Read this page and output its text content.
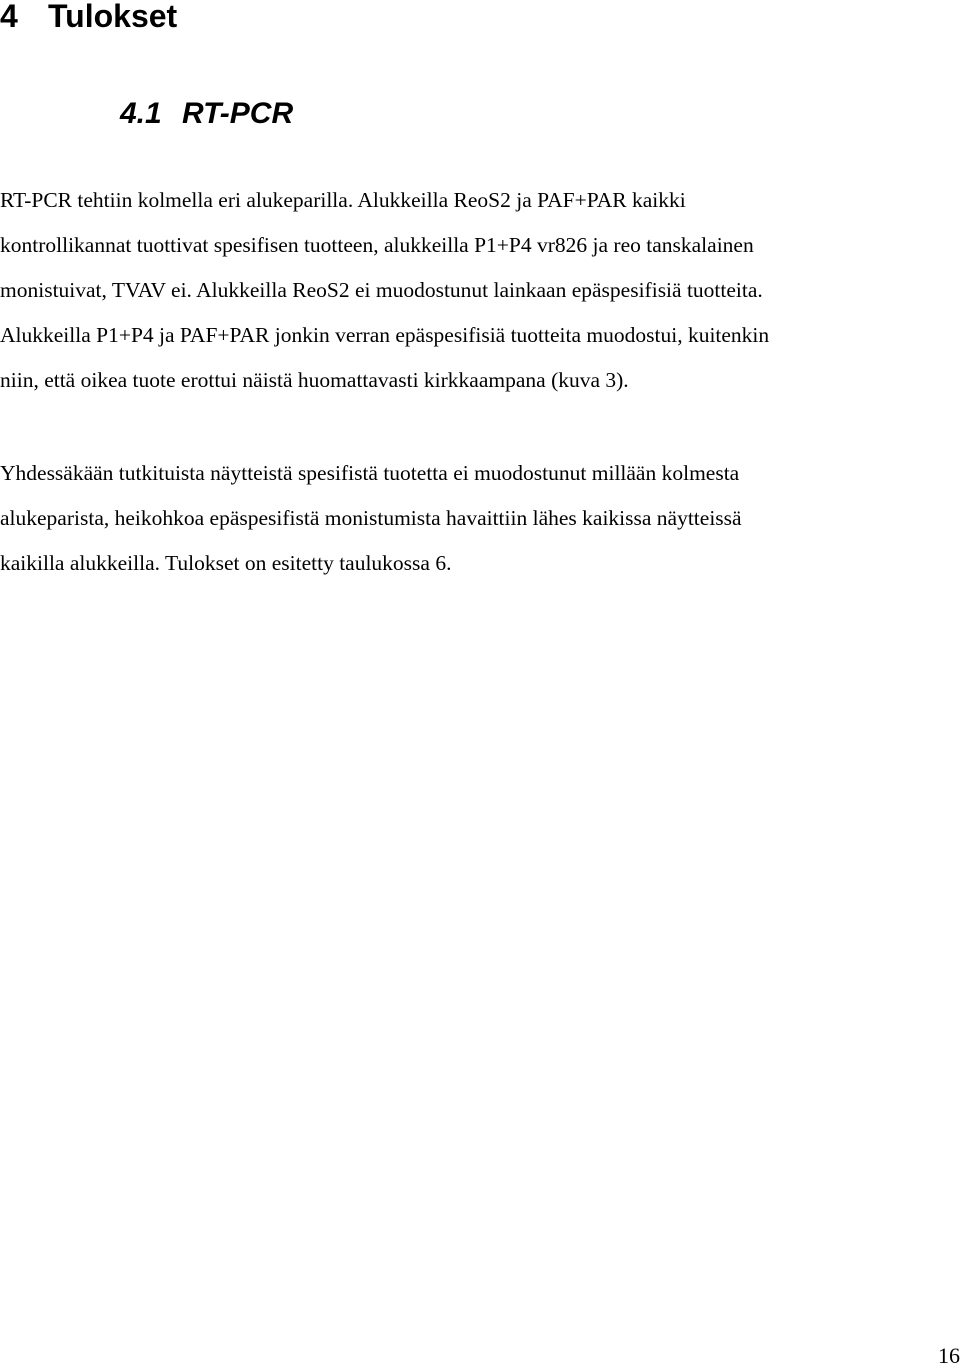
4 Tulokset
4.1 RT-PCR

RT-PCR tehtiin kolmella eri alukeparilla. Alukkeilla ReoS2 ja PAF+PAR kaikki
kontrollikannat tuottivat spesifisen tuotteen, alukkeilla P1+P4 vr826 ja reo tanskalainen
monistuivat, TVAV ei. Alukkeilla ReoS2 ei muodostunut lainkaan epäspesifisiä tuotteita.
Alukkeilla P1+P4 ja PAF+PAR jonkin verran epäspesifisiä tuotteita muodostui, kuitenkin
niin, että oikea tuote erottui näistä huomattavasti kirkkaampana (kuva 3).

Yhdessäkään tutkituista näytteistä spesifistä tuotetta ei muodostunut millään kolmesta
alukeparista, heikohkoa epäspesifistä monistumista havaittiin lähes kaikissa näytteissä
kaikilla alukkeilla. Tulokset on esitetty taulukossa 6.

16
